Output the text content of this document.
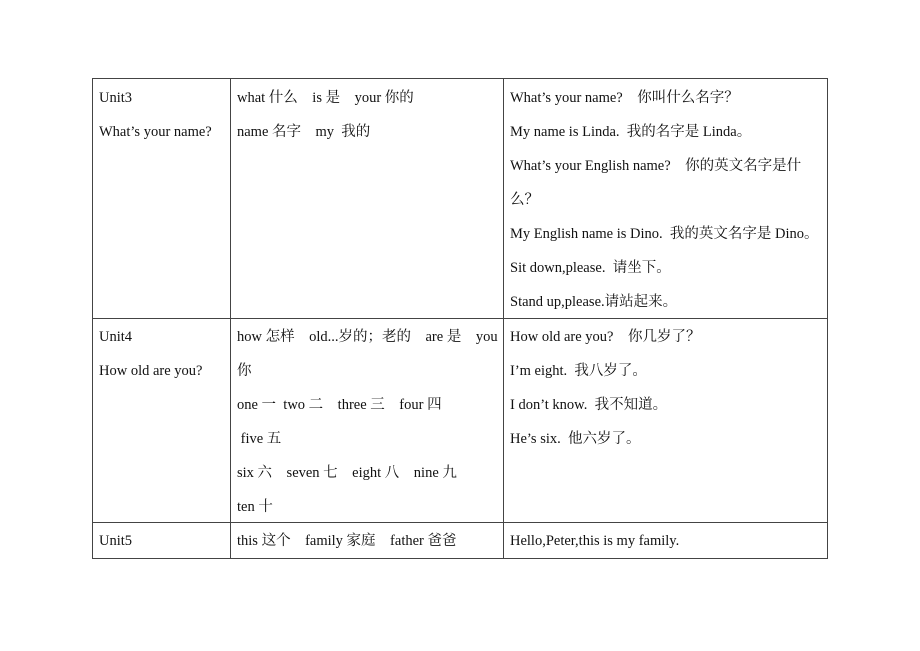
Unit3
What’s your name?
what 什么    is 是    your 你的
name 名字    my  我的
What’s your name?    你叫什么名字？
My name is Linda.  我的名字是 Linda。
What’s your English name?    你的英文名字是什
么？
My English name is Dino.  我的英文名字是 Dino。
Sit down,please.  请坐下。
Stand up,please.请站起来。
Unit4
How old are you?
how 怎样    old...岁的；老的    are 是    you
你
one 一  two 二    three 三    four 四
five 五
six 六    seven 七    eight 八    nine 九
ten 十
How old are you?    你几岁了？
I’m eight.  我八岁了。
I don’t know.  我不知道。
He’s six.  他六岁了。
Unit5	this 这个    family 家庭    father 爸爸	Hello,Peter,this is my family.
